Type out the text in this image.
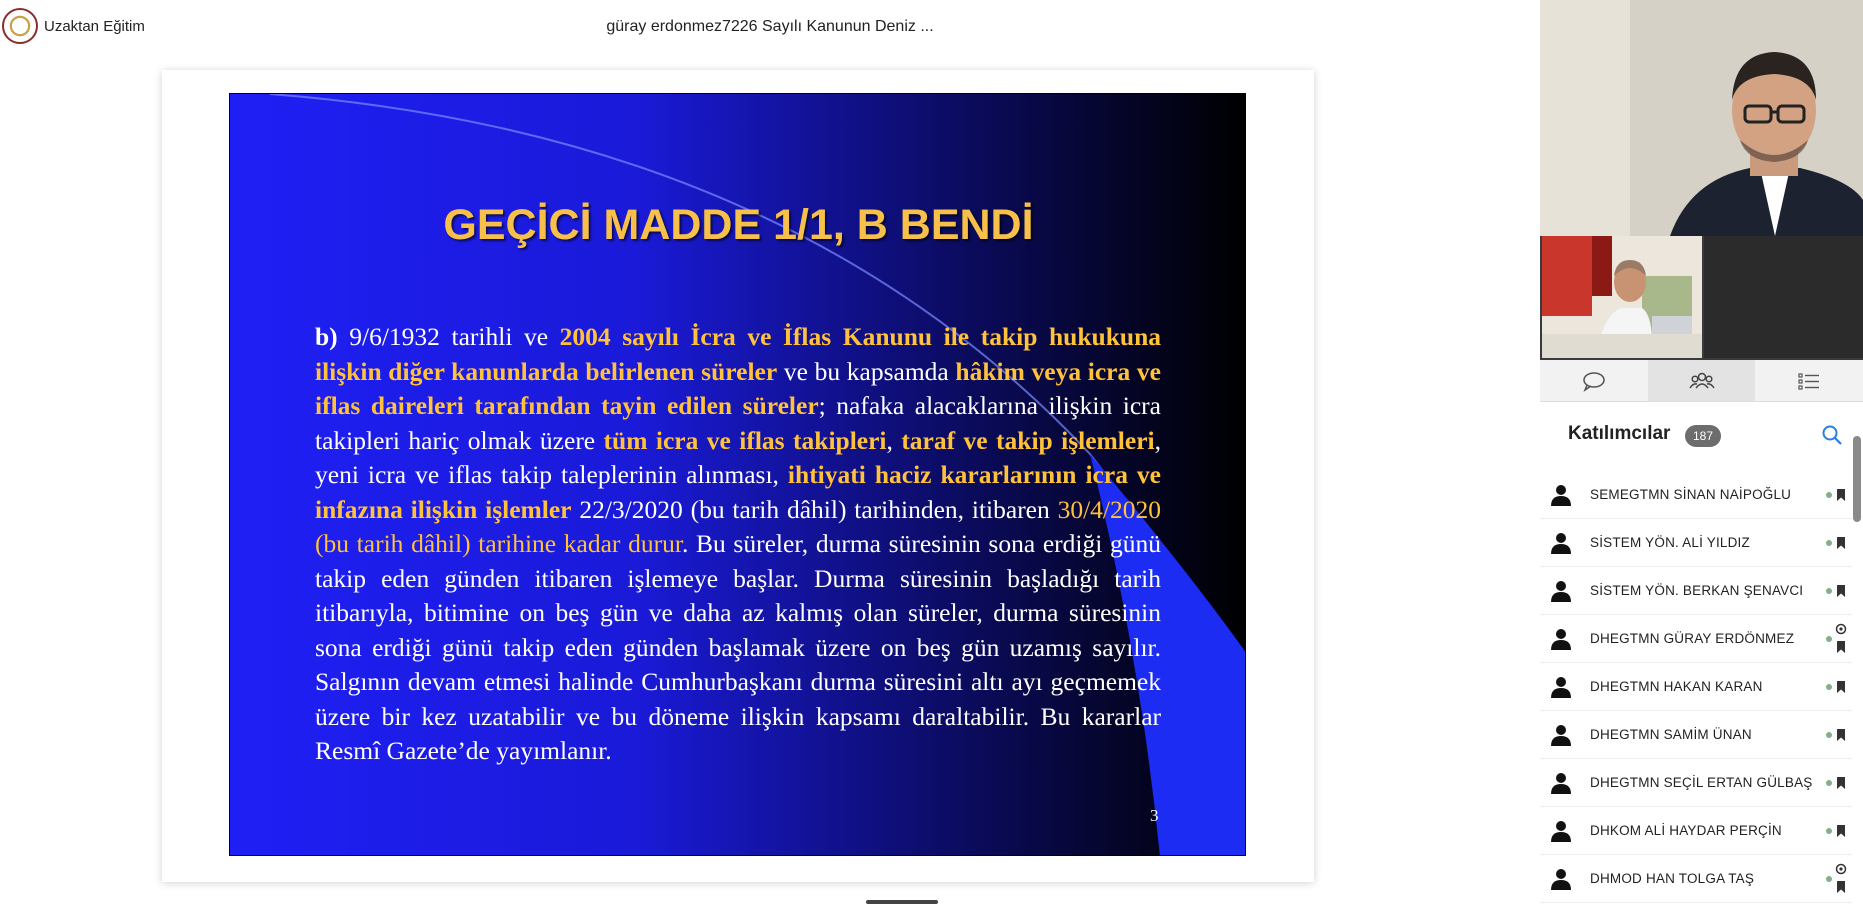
Uzaktan Eğitim	güray erdonmez7226 Sayılı Kanunun Deniz ...
GEÇİCİ MADDE 1/1, B BENDİ
b) 9/6/1932 tarihli ve 2004 sayılı İcra ve İflas Kanunu ile takip hukukuna ilişkin diğer kanunlarda belirlenen süreler ve bu kapsamda hâkim veya icra ve iflas daireleri tarafından tayin edilen süreler; nafaka alacaklarına ilişkin icra takipleri hariç olmak üzere tüm icra ve iflas takipleri, taraf ve takip işlemleri, yeni icra ve iflas takip taleplerinin alınması, ihtiyati haciz kararlarının icra ve infazına ilişkin işlemler 22/3/2020 (bu tarih dâhil) tarihinden, itibaren 30/4/2020 (bu tarih dâhil) tarihine kadar durur. Bu süreler, durma süresinin sona erdiği günü takip eden günden itibaren işlemeye başlar. Durma süresinin başladığı tarih itibarıyla, bitimine on beş gün ve daha az kalmış olan süreler, durma süresinin sona erdiği günü takip eden günden başlamak üzere on beş gün uzamış sayılır. Salgının devam etmesi halinde Cumhurbaşkanı durma süresini altı ayı geçmemek üzere bir kez uzatabilir ve bu döneme ilişkin kapsamı daraltabilir. Bu kararlar Resmî Gazete’de yayımlanır.
3
Katılımcılar	187
SEMEGTMN SİNAN NAİPOĞLU
SİSTEM YÖN. ALİ YILDIZ
SİSTEM YÖN. BERKAN ŞENAVCI
DHEGTMN GÜRAY ERDÖNMEZ
DHEGTMN HAKAN KARAN
DHEGTMN SAMİM ÜNAN
DHEGTMN SEÇİL ERTAN GÜLBAŞ
DHKOM ALİ HAYDAR PERÇİN
DHMOD HAN TOLGA TAŞ
